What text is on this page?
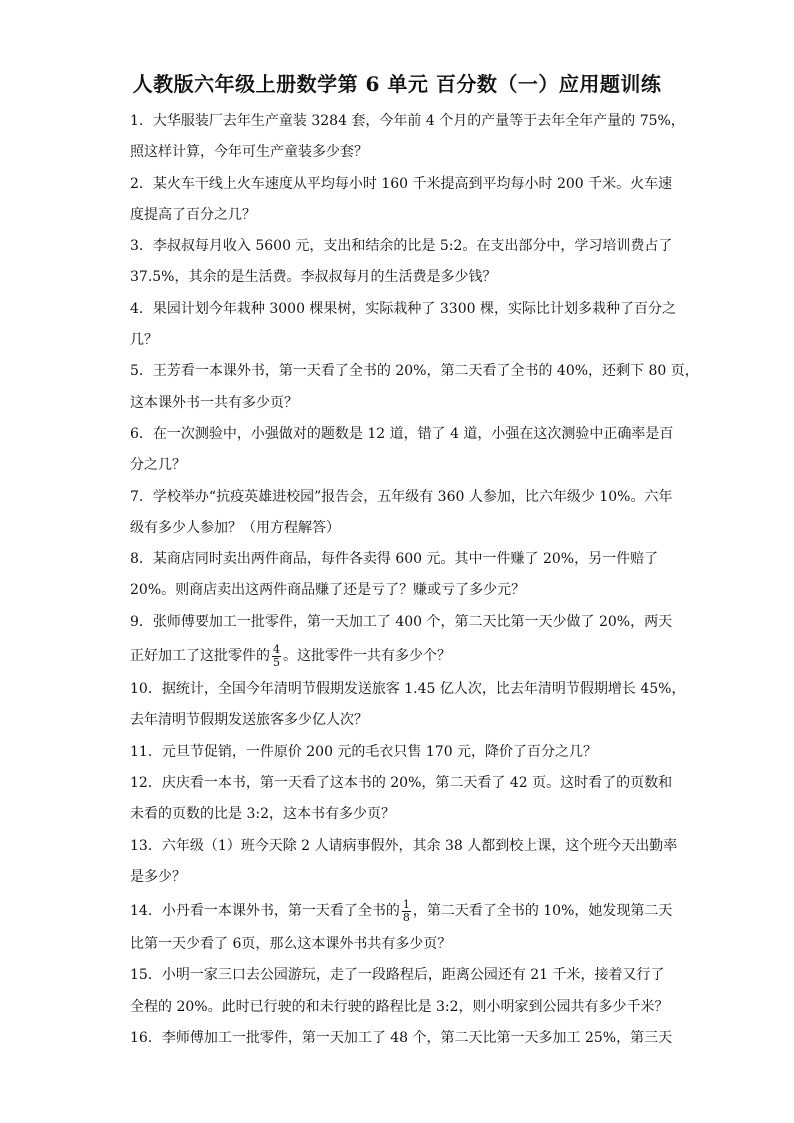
人教版六年级上册数学第 6 单元 百分数（一）应用题训练
1．大华服装厂去年生产童装 3284 套，今年前 4 个月的产量等于去年全年产量的 75%，
照这样计算，今年可生产童装多少套？
2．某火车干线上火车速度从平均每小时 160 千米提高到平均每小时 200 千米。火车速
度提高了百分之几？
3．李叔叔每月收入 5600 元，支出和结余的比是 5:2。在支出部分中，学习培训费占了
37.5%，其余的是生活费。李叔叔每月的生活费是多少钱？
4．果园计划今年栽种 3000 棵果树，实际栽种了 3300 棵，实际比计划多栽种了百分之
几？
5．王芳看一本课外书，第一天看了全书的 20%，第二天看了全书的 40%，还剩下 80 页，
这本课外书一共有多少页？
6．在一次测验中，小强做对的题数是 12 道，错了 4 道，小强在这次测验中正确率是百
分之几？
7．学校举办“抗疫英雄进校园”报告会，五年级有 360 人参加，比六年级少 10%。六年
级有多少人参加？（用方程解答）
8．某商店同时卖出两件商品，每件各卖得 600 元。其中一件赚了 20%，另一件赔了
20%。则商店卖出这两件商品赚了还是亏了？赚或亏了多少元？
9．张师傅要加工一批零件，第一天加工了 400 个，第二天比第一天少做了 20%，两天
正好加工了这批零件的 $\frac{4}{5}$ 。这批零件一共有多少个？
10．据统计，全国今年清明节假期发送旅客 1.45 亿人次，比去年清明节假期增长 45%，
去年清明节假期发送旅客多少亿人次？
11．元旦节促销，一件原价 200 元的毛衣只售 170 元，降价了百分之几？
12．庆庆看一本书，第一天看了这本书的 20%，第二天看了 42 页。这时看了的页数和
未看的页数的比是 3:2，这本书有多少页？
13．六年级（1）班今天除 2 人请病事假外，其余 38 人都到校上课，这个班今天出勤率
是多少？
14．小丹看一本课外书，第一天看了全书的 $\frac{1}{8}$ ，第二天看了全书的 10%，她发现第二天
比第一天少看了 6页，那么这本课外书共有多少页？
15．小明一家三口去公园游玩，走了一段路程后，距离公园还有 21 千米，接着又行了
全程的 20%。此时已行驶的和未行驶的路程比是 3:2，则小明家到公园共有多少千米？
16．李师傅加工一批零件，第一天加工了 48 个，第二天比第一天多加工 25%，第三天
